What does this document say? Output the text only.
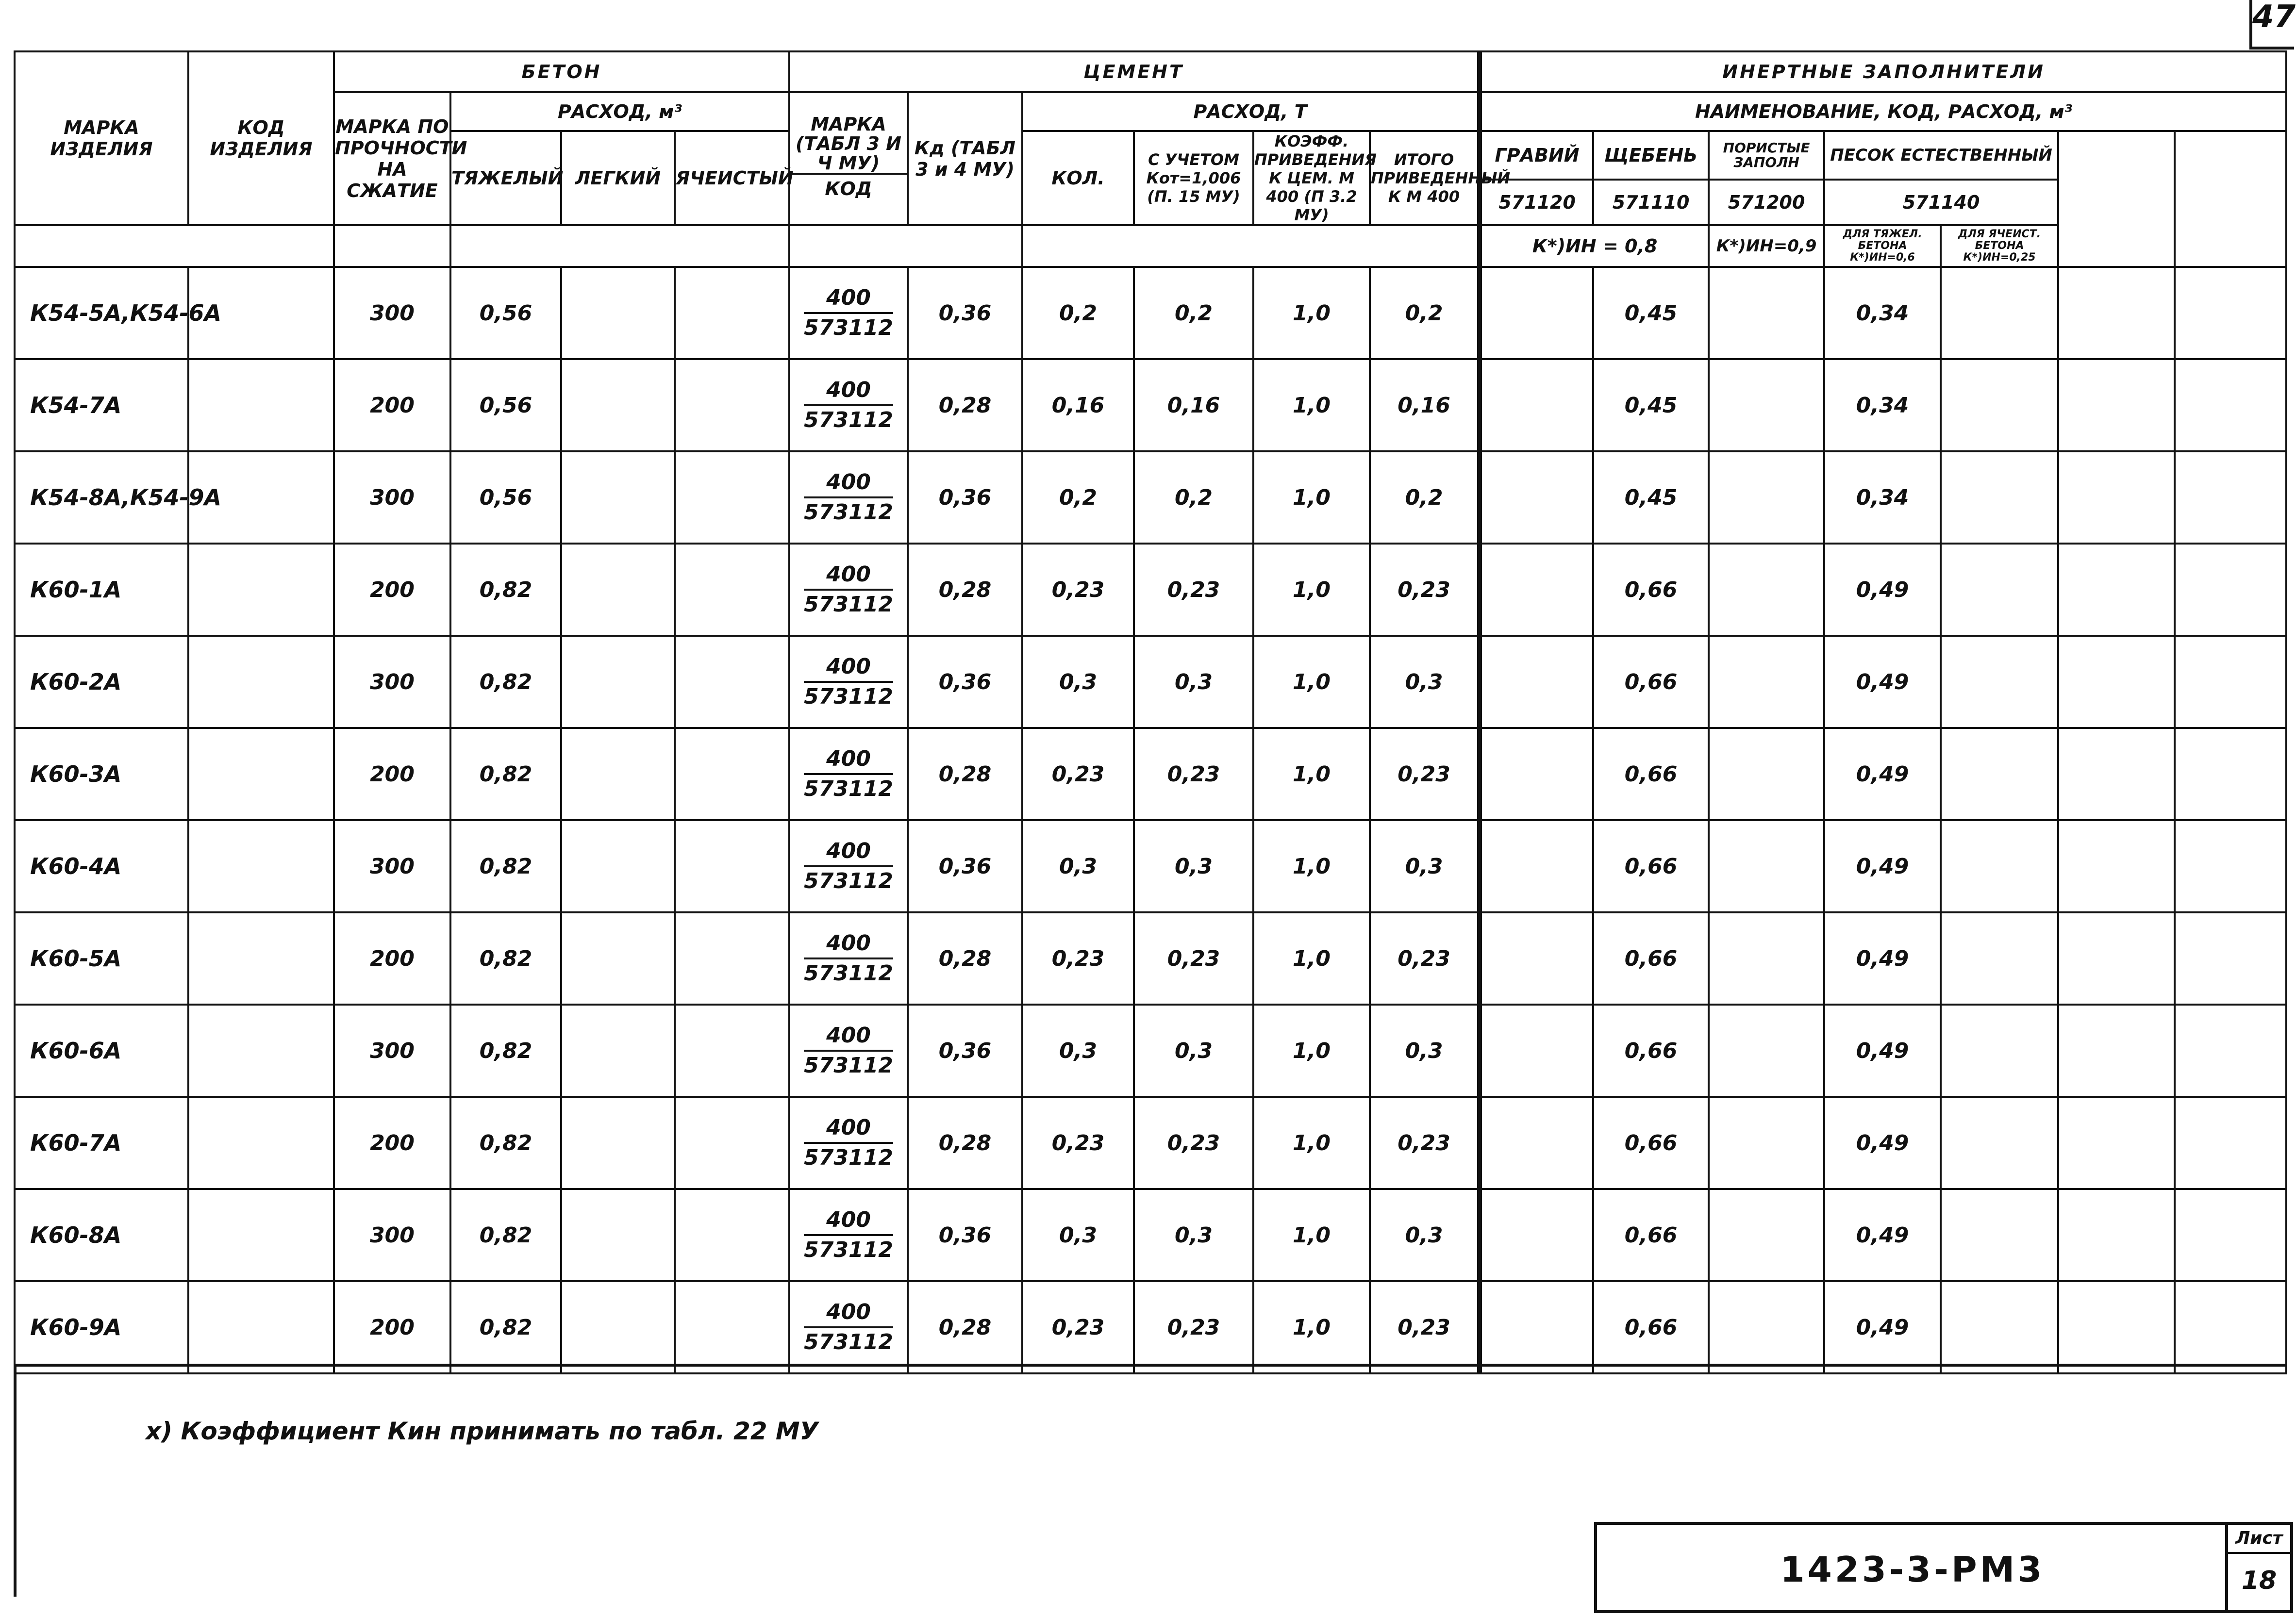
47
МАРКА ИЗДЕЛИЯ	КОД ИЗДЕЛИЯ	БЕТОН				ЦЕМЕНТ						ИНЕРТНЫЕ ЗАПОЛНИТЕЛИ						
		МАРКА ПО ПРОЧНОСТИ НА СЖАТИЕ	РАСХОД, м³			$\frac{\text{МАРКА (ТАБЛ 3 И Ч МУ)}}{\text{КОД}}$	Кд (ТАБЛ 3 и 4 МУ)	РАСХОД, Т				НАИМЕНОВАНИЕ, КОД, РАСХОД, м³						
			ТЯЖЕЛЫЙ	ЛЕГКИЙ	ЯЧЕИСТЫЙ			КОЛ.	С УЧЕТОМ Кот=1,006 (П. 15 МУ)	КОЭФФ. ПРИВЕДЕНИЯ К ЦЕМ. М 400 (П 3.2 МУ)	ИТОГО ПРИВЕДЕННЫЙ К М 400	ГРАВИЙ	ЩЕБЕНЬ	ПОРИСТЫЕ ЗАПОЛН	ПЕСОК ЕСТЕСТВЕННЫЙ			
												571120	571110	571200	571140			
												К*)ИН = 0,8		К*)ИН=0,9	ДЛЯ ТЯЖЕЛ. БЕТОНА К*)ИН=0,6	ДЛЯ ЯЧЕИСТ. БЕТОНА К*)ИН=0,25		
К54-5А,К54-6А		300	0,56			$\frac{400}{573112}$	0,36	0,2	0,2	1,0	0,2		0,45		0,34			
К54-7А		200	0,56			$\frac{400}{573112}$	0,28	0,16	0,16	1,0	0,16		0,45		0,34			
К54-8А,К54-9А		300	0,56			$\frac{400}{573112}$	0,36	0,2	0,2	1,0	0,2		0,45		0,34			
К60-1А		200	0,82			$\frac{400}{573112}$	0,28	0,23	0,23	1,0	0,23		0,66		0,49			
К60-2А		300	0,82			$\frac{400}{573112}$	0,36	0,3	0,3	1,0	0,3		0,66		0,49			
К60-3А		200	0,82			$\frac{400}{573112}$	0,28	0,23	0,23	1,0	0,23		0,66		0,49			
К60-4А		300	0,82			$\frac{400}{573112}$	0,36	0,3	0,3	1,0	0,3		0,66		0,49			
К60-5А		200	0,82			$\frac{400}{573112}$	0,28	0,23	0,23	1,0	0,23		0,66		0,49			
К60-6А		300	0,82			$\frac{400}{573112}$	0,36	0,3	0,3	1,0	0,3		0,66		0,49			
К60-7А		200	0,82			$\frac{400}{573112}$	0,28	0,23	0,23	1,0	0,23		0,66		0,49			
К60-8А		300	0,82			$\frac{400}{573112}$	0,36	0,3	0,3	1,0	0,3		0,66		0,49			
К60-9А		200	0,82			$\frac{400}{573112}$	0,28	0,23	0,23	1,0	0,23		0,66		0,49			
х) Коэффициент Кин принимать по табл. 22 МУ
1423-3-РМ3
Лист
18
